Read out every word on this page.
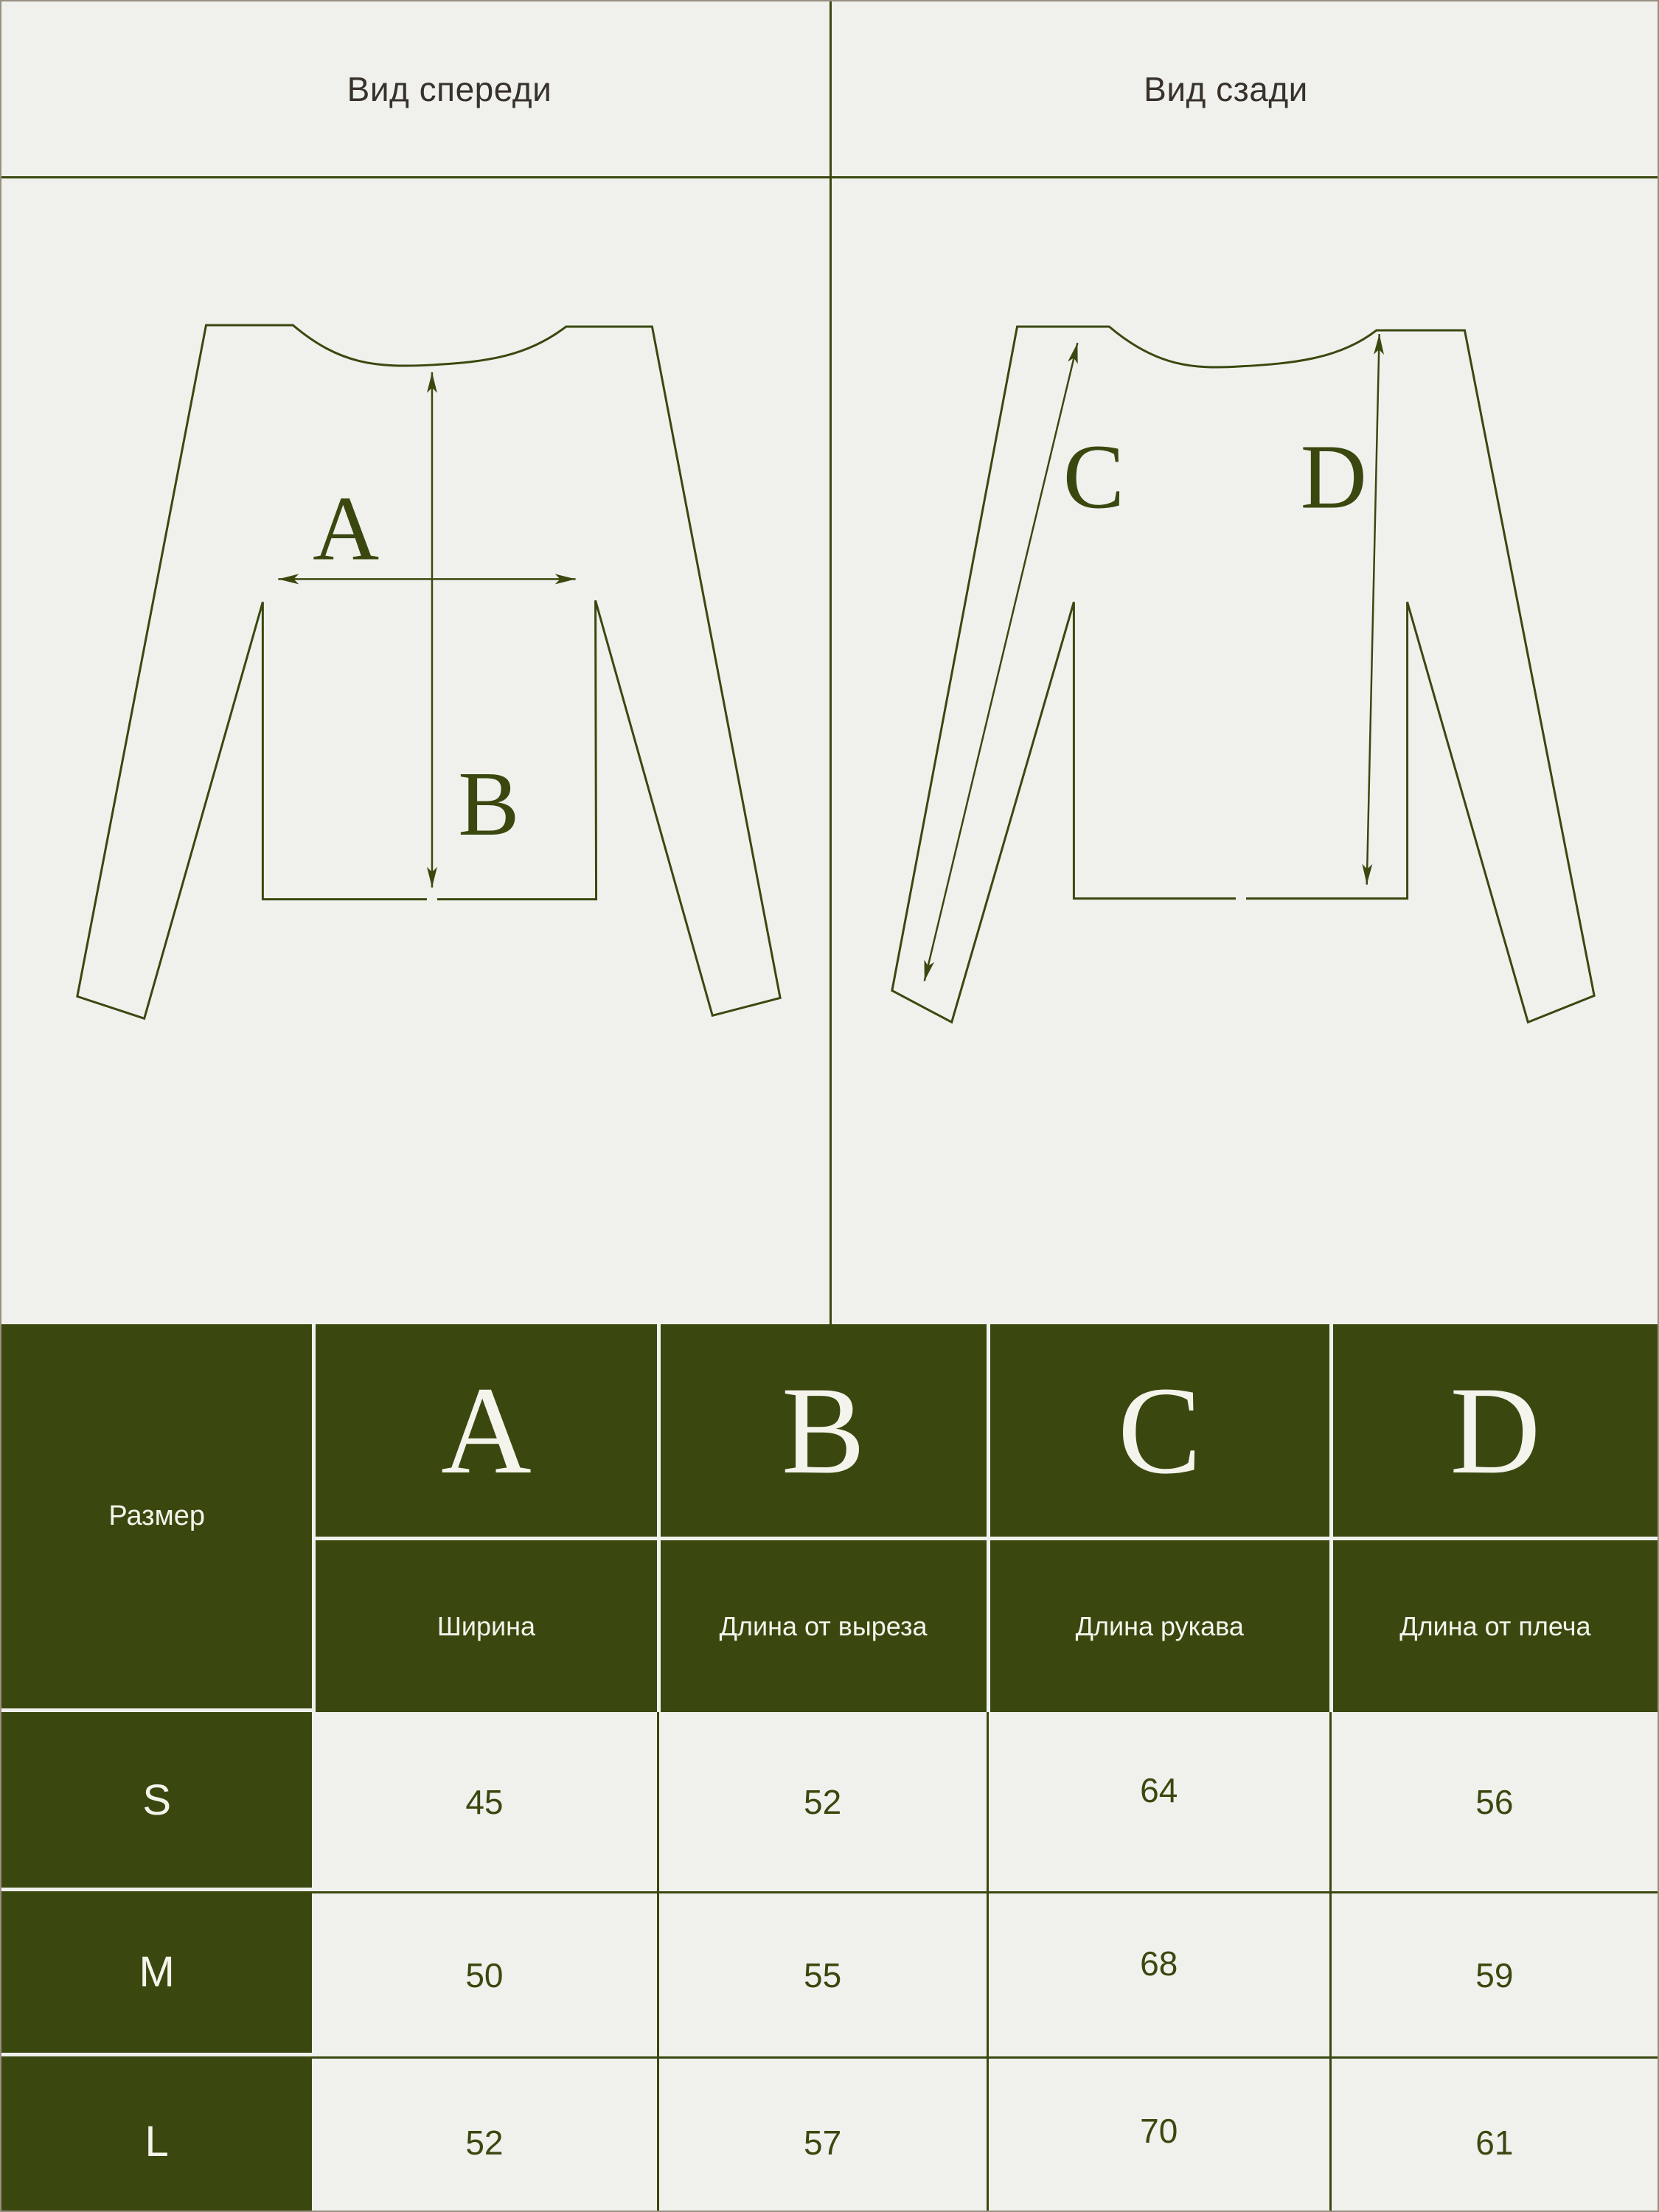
Вид спереди	Вид сзади
A
B
C D
Размер
A B C D
Ширина	Длина от выреза	Длина рукава	Длина от плеча
S	45	52	64	56
M	50	55	68	59
L	52	57	70	61
